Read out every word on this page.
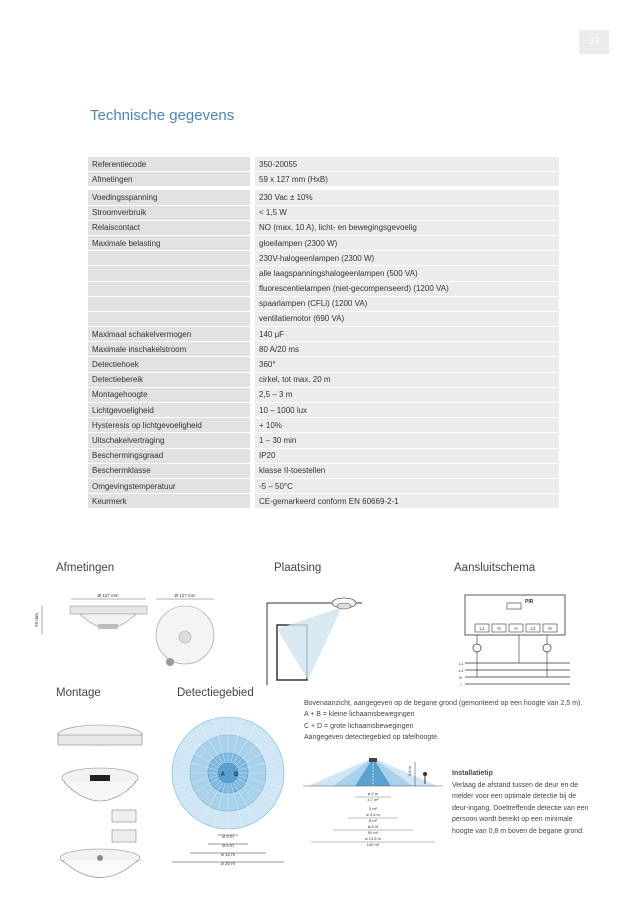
33
Technische gegevens
Referentiecode	350-20055
Afmetingen	59 x 127 mm (HxB)

Voedingsspanning	230 Vac ± 10%
Stroomverbruik	< 1,5 W
Relaiscontact	NO (max. 10 A), licht- en bewegingsgevoelig
Maximale belasting	gloeilampen (2300 W)
	230V-halogeenlampen (2300 W)
	alle laagspanningshalogeenlampen (500 VA)
	fluorescentielampen (niet-gecompenseerd) (1200 VA)
	spaarlampen (CFLi) (1200 VA)
	ventilatiemotor (690 VA)
Maximaal schakelvermogen	140 μF
Maximale inschakelstroom	80 A/20 ms
Detectiehoek	360°
Detectiebereik	cirkel, tot max. 20 m
Montagehoogte	2,5 – 3 m
Lichtgevoeligheid	10 – 1000 lux
Hysteresis op lichtgevoeligheid	+ 10%
Uitschakelvertraging	1 – 30 min
Beschermingsgraad	IP20
Beschermklasse	klasse II-toestellen
Omgevingstemperatuur	-5 – 50°C
Keurmerk	CE-gemarkeerd conform EN 60669-2-1
Afmetingen	Plaatsing	Aansluitschema
Montage	Detectiegebied
Ø 127 mm
59 mm
Ø 127 mm
PIR
L1	N	H	L2	N
L1
L2
N
⏚
A B
ø 3 m
ø 5 m
ø 12 m
ø 20 m
Bovenaanzicht, aangegeven op de begane grond (gemonteerd op een hoogte van 2,5 m).
A + B = kleine lichaamsbewegingen
C + D = grote lichaamsbewegingen
Aangegeven detectiegebied op tafelhoogte.
0,8 m
ø 2 m
4,7 m²
3 m²
ø 3,4 m
8 m²
ø 8 m
50 m²
ø 13,5 m
140 m²
Installatietip
Verlaag de afstand tussen de deur en de melder voor een optimale detectie bij de deur-ingang. Doeltreffende detectie van een persoon wordt bereikt op een minimale hoogte van 0,8 m boven de begane grond.
